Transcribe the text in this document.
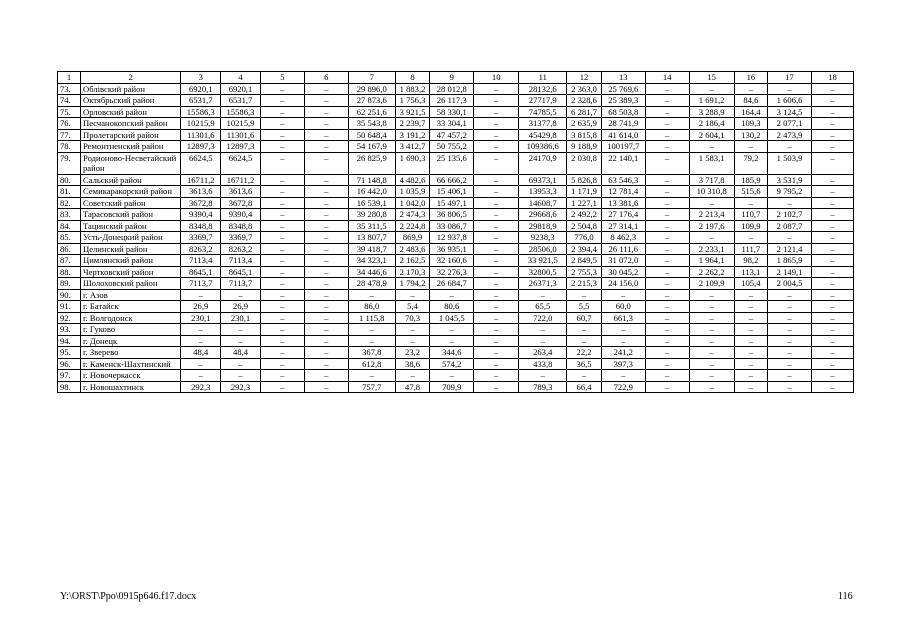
1	2	3	4	5	6	7	8	9	10	11	12	13	14	15	16	17	18
73.	Облівский район	6920,1	6920,1	–	–	29 896,0	1 883,2	28 012,8	–	28132,6	2 363,0	25 769,6	–	–	–	–	–
74.	Октябрьский район	6531,7	6531,7	–	–	27 873,6	1 756,3	26 117,3	–	27717,9	2 328,6	25 389,3	–	1 691,2	84,6	1 606,6	–
75.	Орловский район	15586,3	15586,3	–	–	62 251,6	3 921,5	58 330,1	–	74785,5	6 281,7	68 503,8	–	3 288,9	164,4	3 124,5	–
76.	Песчанокопский район	10215,9	10215,9	–	–	35 543,8	2 239,7	33 304,1	–	31377,8	2 635,9	28 741,9	–	2 186,4	109,3	2 077,1	–
77.	Пролетарский район	11301,6	11301,6	–	–	50 648,4	3 191,2	47 457,2	–	45429,8	3 815,8	41 614,0	–	2 604,1	130,2	2 473,9	–
78.	Ремонтненский район	12897,3	12897,3	–	–	54 167,9	3 412,7	50 755,2	–	109386,6	9 188,9	100197,7	–	–	–	–	–
79.	Родионово-Несветайский район	6624,5	6624,5	–	–	26 825,9	1 690,3	25 135,6	–	24170,9	2 030,8	22 140,1	–	1 583,1	79,2	1 503,9	–
80.	Сальский район	16711,2	16711,2	–	–	71 148,8	4 482,6	66 666,2	–	69373,1	5 826,8	63 546,3	–	3 717,8	185,9	3 531,9	–
81.	Семикаракорский район	3613,6	3613,6	–	–	16 442,0	1 035,9	15 406,1	–	13953,3	1 171,9	12 781,4	–	10 310,8	515,6	9 795,2	–
82.	Советский район	3672,8	3672,8	–	–	16 539,1	1 042,0	15 497,1	–	14608,7	1 227,1	13 381,6	–	–	–	–	–
83.	Тарасовский район	9390,4	9390,4	–	–	39 280,8	2 474,3	36 806,5	–	29668,6	2 492,2	27 176,4	–	2 213,4	110,7	2 102,7	–
84.	Тацинский район	8348,8	8348,8	–	–	35 311,5	2 224,8	33 086,7	–	29818,9	2 504,8	27 314,1	–	2 197,6	109,9	2 087,7	–
85.	Усть-Донецкий район	3369,7	3369,7	–	–	13 807,7	869,9	12 937,8	–	9238,3	776,0	8 462,3	–	–	–	–	–
86.	Целинский район	8263,2	8263,2	–	–	39 418,7	2 483,6	36 935,1	–	28506,0	2 394,4	26 111,6	–	2 233,1	111,7	2 121,4	–
87.	Цимлянский район	7113,4	7113,4	–	–	34 323,1	2 162,5	32 160,6	–	33 921,5	2 849,5	31 072,0	–	1 964,1	98,2	1 865,9	–
88.	Чертковский район	8645,1	8645,1	–	–	34 446,6	2 170,3	32 276,3	–	32800,5	2 755,3	30 045,2	–	2 262,2	113,1	2 149,1	–
89.	Шолоховский район	7113,7	7113,7	–	–	28 478,9	1 794,2	26 684,7	–	26371,3	2 215,3	24 156,0	–	2 109,9	105,4	2 004,5	–
90.	г. Азов	–	–	–	–	–	–	–	–	–	–	–	–	–	–	–	–
91.	г. Батайск	26,9	26,9	–	–	86,0	5,4	80,6	–	65,5	5,5	60,0	–	–	–	–	–
92.	г. Волгодонск	230,1	230,1	–	–	1 115,8	70,3	1 045,5	–	722,0	60,7	661,3	–	–	–	–	–
93.	г. Гуково	–	–	–	–	–	–	–	–	–	–	–	–	–	–	–	–
94.	г. Донецк	–	–	–	–	–	–	–	–	–	–	–	–	–	–	–	–
95.	г. Зверево	48,4	48,4	–	–	367,8	23,2	344,6	–	263,4	22,2	241,2	–	–	–	–	–
96.	г. Каменск-Шахтинский	–	–	–	–	612,8	38,6	574,2	–	433,8	36,5	397,3	–	–	–	–	–
97.	г. Новочеркасск	–	–	–	–	–	–	–	–	–	–	–	–	–	–	–	–
98.	г. Новошахтинск	292,3	292,3	–	–	757,7	47,8	709,9	–	789,3	66,4	722,9	–	–	–	–	–
Y:\ORST\Ppo\0915p646.f17.docx	116
